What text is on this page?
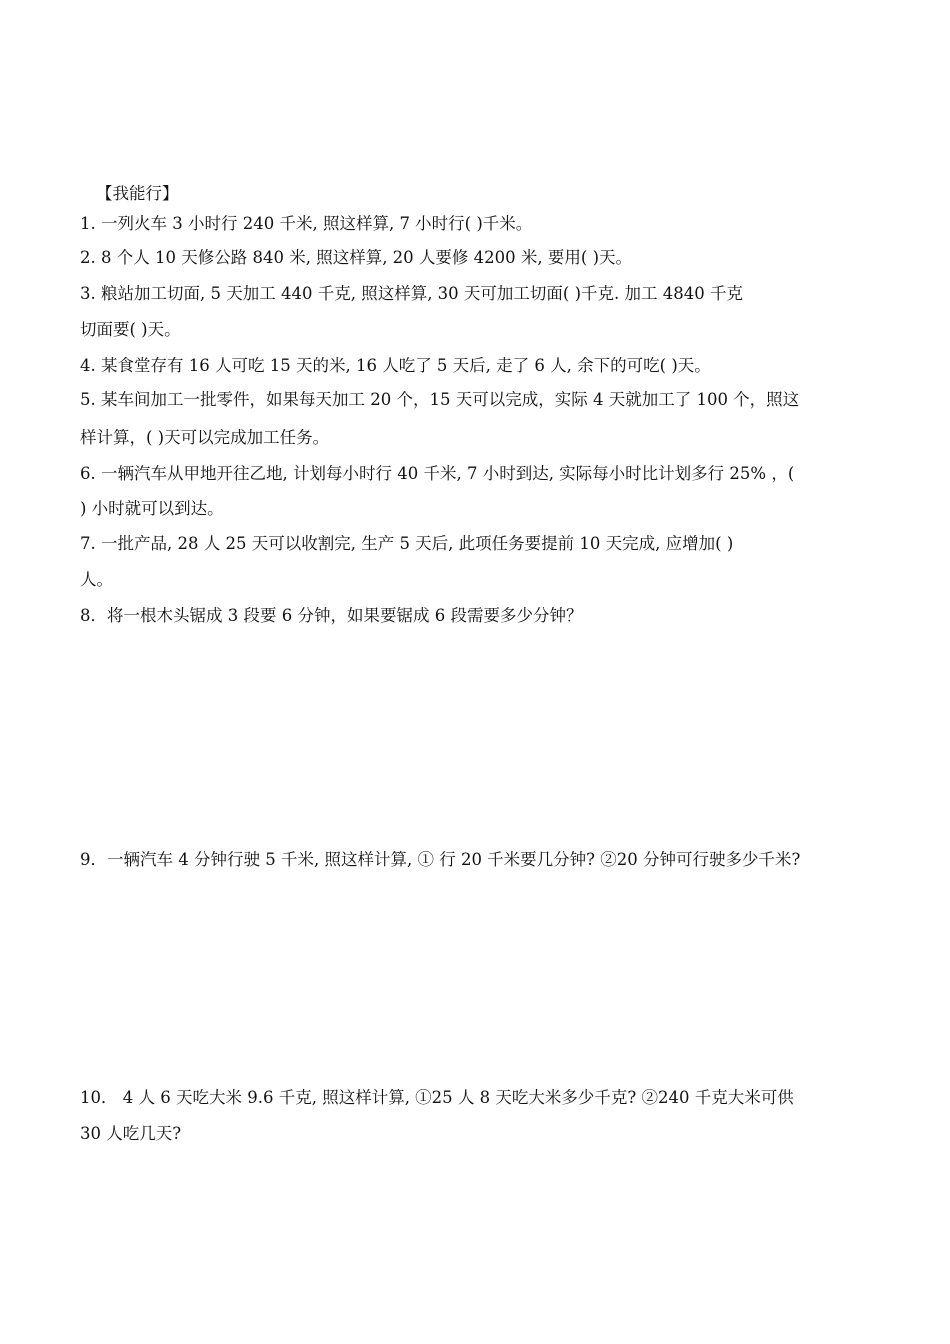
【我能行】
1. 一列火车 3 小时行 240 千米, 照这样算, 7 小时行( )千米。
2. 8 个人 10 天修公路 840 米, 照这样算, 20 人要修 4200 米, 要用( )天。
3. 粮站加工切面, 5 天加工 440 千克, 照这样算, 30 天可加工切面( )千克. 加工 4840 千克
切面要( )天。
4. 某食堂存有 16 人可吃 15 天的米, 16 人吃了 5 天后, 走了 6 人, 余下的可吃( )天。
5. 某车间加工一批零件，如果每天加工 20 个，15 天可以完成，实际 4 天就加工了 100 个，照这
样计算，( )天可以完成加工任务。
6. 一辆汽车从甲地开往乙地, 计划每小时行 40 千米, 7 小时到达, 实际每小时比计划多行 25% ，(
) 小时就可以到达。
7. 一批产品, 28 人 25 天可以收割完, 生产 5 天后, 此项任务要提前 10 天完成, 应增加( )
人。
8．将一根木头锯成 3 段要 6 分钟，如果要锯成 6 段需要多少分钟？
9．一辆汽车 4 分钟行驶 5 千米, 照这样计算, ① 行 20 千米要几分钟? ②20 分钟可行驶多少千米?
10． 4 人 6 天吃大米 9.6 千克, 照这样计算, ①25 人 8 天吃大米多少千克? ②240 千克大米可供
30 人吃几天?
